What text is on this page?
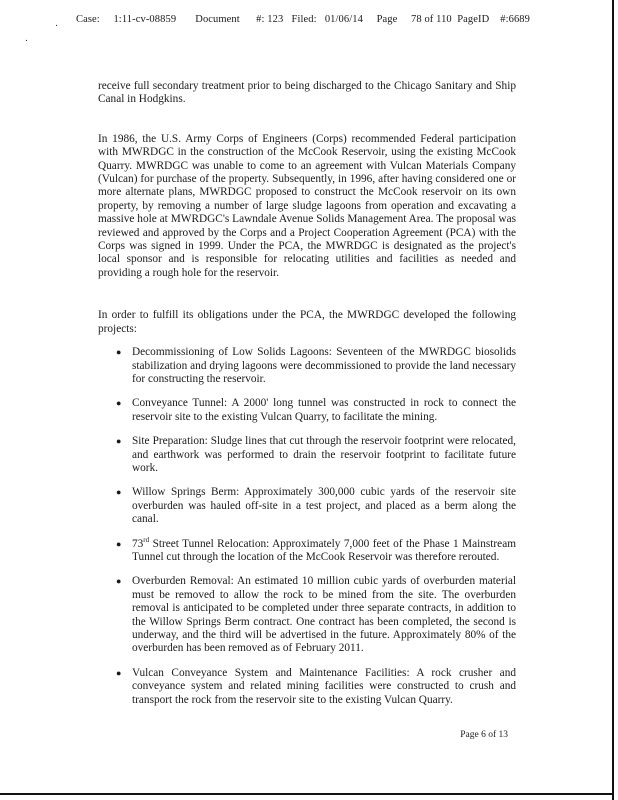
․
․
Case: 1:11-cv-08859 Document #: 123 Filed: 01/06/14 Page 78 of 110 PageID #:6689

receive full secondary treatment prior to being discharged to the Chicago Sanitary and Ship Canal in Hodgkins.

In 1986, the U.S. Army Corps of Engineers (Corps) recommended Federal participation with MWRDGC in the construction of the McCook Reservoir, using the existing McCook Quarry. MWRDGC was unable to come to an agreement with Vulcan Materials Company (Vulcan) for purchase of the property. Subsequently, in 1996, after having considered one or more alternate plans, MWRDGC proposed to construct the McCook reservoir on its own property, by removing a number of large sludge lagoons from operation and excavating a massive hole at MWRDGC's Lawndale Avenue Solids Management Area. The proposal was reviewed and approved by the Corps and a Project Cooperation Agreement (PCA) with the Corps was signed in 1999. Under the PCA, the MWRDGC is designated as the project's local sponsor and is responsible for relocating utilities and facilities as needed and providing a rough hole for the reservoir.

In order to fulfill its obligations under the PCA, the MWRDGC developed the following projects:

● Decommissioning of Low Solids Lagoons: Seventeen of the MWRDGC biosolids stabilization and drying lagoons were decommissioned to provide the land necessary for constructing the reservoir.
● Conveyance Tunnel: A 2000' long tunnel was constructed in rock to connect the reservoir site to the existing Vulcan Quarry, to facilitate the mining.
● Site Preparation: Sludge lines that cut through the reservoir footprint were relocated, and earthwork was performed to drain the reservoir footprint to facilitate future work.
● Willow Springs Berm: Approximately 300,000 cubic yards of the reservoir site overburden was hauled off-site in a test project, and placed as a berm along the canal.
● 73rd Street Tunnel Relocation: Approximately 7,000 feet of the Phase 1 Mainstream Tunnel cut through the location of the McCook Reservoir was therefore rerouted.
● Overburden Removal: An estimated 10 million cubic yards of overburden material must be removed to allow the rock to be mined from the site. The overburden removal is anticipated to be completed under three separate contracts, in addition to the Willow Springs Berm contract. One contract has been completed, the second is underway, and the third will be advertised in the future. Approximately 80% of the overburden has been removed as of February 2011.
● Vulcan Conveyance System and Maintenance Facilities: A rock crusher and conveyance system and related mining facilities were constructed to crush and transport the rock from the reservoir site to the existing Vulcan Quarry.
Page 6 of 13
